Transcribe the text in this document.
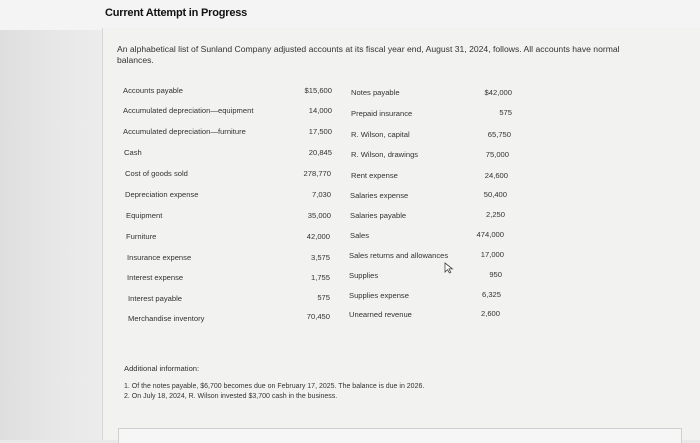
Current Attempt in Progress
An alphabetical list of Sunland Company adjusted accounts at its fiscal year end, August 31, 2024, follows. All accounts have normal balances.
Accounts payable	$15,600
Accumulated depreciation—equipment	14,000
Accumulated depreciation—furniture	17,500
Cash	20,845
Cost of goods sold	278,770
Depreciation expense	7,030
Equipment	35,000
Furniture	42,000
Insurance expense	3,575
Interest expense	1,755
Interest payable	575
Merchandise inventory	70,450
Notes payable	$42,000
Prepaid insurance	575
R. Wilson, capital	65,750
R. Wilson, drawings	75,000
Rent expense	24,600
Salaries expense	50,400
Salaries payable	2,250
Sales	474,000
Sales returns and allowances	17,000
Supplies	950
Supplies expense	6,325
Unearned revenue	2,600
Additional information:
1. Of the notes payable, $6,700 becomes due on February 17, 2025. The balance is due in 2026.
2. On July 18, 2024, R. Wilson invested $3,700 cash in the business.
